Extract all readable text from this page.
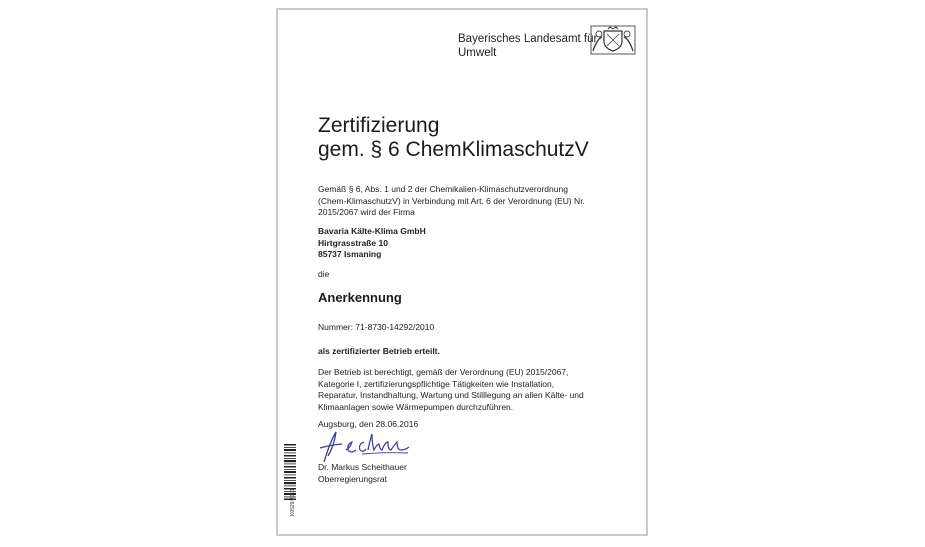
Bayerisches Landesamt für
Umwelt
Zertifizierung
gem. § 6 ChemKlimaschutzV
Gemäß § 6, Abs. 1 und 2 der Chemikalien-Klimaschutzverordnung (Chem-KlimaschutzV) in Verbindung mit Art. 6 der Verordnung (EU) Nr. 2015/2067 wird der Firma
Bavaria Kälte-Klima GmbH
Hirtgrasstraße 10
85737 Ismaning
die
Anerkennung
Nummer: 71-8730-14292/2010
als zertifizierter Betrieb erteilt.
Der Betrieb ist berechtigt, gemäß der Verordnung (EU) 2015/2067, Kategorie I, zertifizierungspflichtige Tätigkeiten wie Installation, Reparatur, Instandhaltung, Wartung und Stilllegung an allen Kälte- und Klimaanlagen sowie Wärmepumpen durchzuführen.
Augsburg, den 28.06.2016
Dr. Markus Scheithauer
Oberregierungsrat
K0529/2016
